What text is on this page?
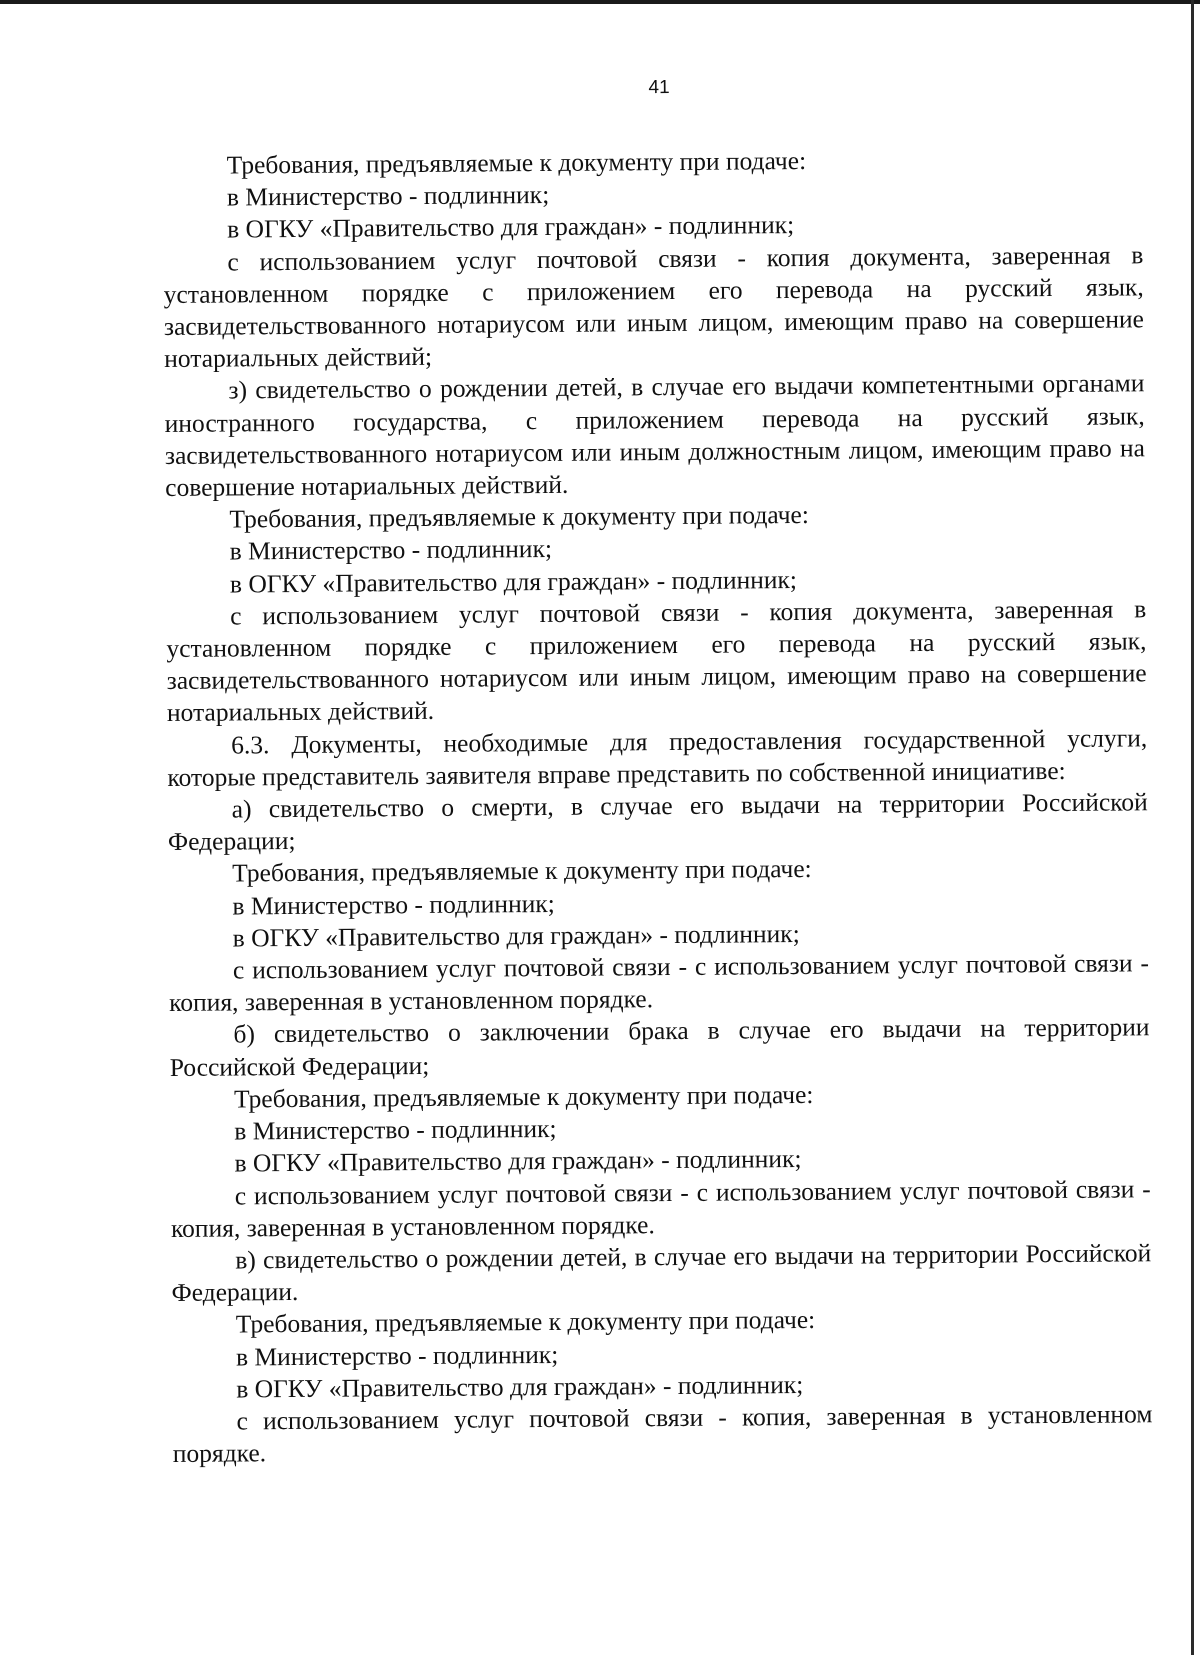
41

Требования, предъявляемые к документу при подаче:

в Министерство - подлинник;

в ОГКУ «Правительство для граждан» - подлинник;

с использованием услуг почтовой связи - копия документа, заверенная в установленном порядке с приложением его перевода на русский язык, засвидетельствованного нотариусом или иным лицом, имеющим право на совершение нотариальных действий;

з) свидетельство о рождении детей, в случае его выдачи компетентными органами иностранного государства, с приложением перевода на русский язык, засвидетельствованного нотариусом или иным должностным лицом, имеющим право на совершение нотариальных действий.

Требования, предъявляемые к документу при подаче:

в Министерство - подлинник;

в ОГКУ «Правительство для граждан» - подлинник;

с использованием услуг почтовой связи - копия документа, заверенная в установленном порядке с приложением его перевода на русский язык, засвидетельствованного нотариусом или иным лицом, имеющим право на совершение нотариальных действий.

6.3. Документы, необходимые для предоставления государственной услуги, которые представитель заявителя вправе представить по собственной инициативе:

а) свидетельство о смерти, в случае его выдачи на территории Российской Федерации;

Требования, предъявляемые к документу при подаче:

в Министерство - подлинник;

в ОГКУ «Правительство для граждан» - подлинник;

с использованием услуг почтовой связи - с использованием услуг почтовой связи - копия, заверенная в установленном порядке.

б) свидетельство о заключении брака в случае его выдачи на территории Российской Федерации;

Требования, предъявляемые к документу при подаче:

в Министерство - подлинник;

в ОГКУ «Правительство для граждан» - подлинник;

с использованием услуг почтовой связи - с использованием услуг почтовой связи - копия, заверенная в установленном порядке.

в) свидетельство о рождении детей, в случае его выдачи на территории Российской Федерации.

Требования, предъявляемые к документу при подаче:

в Министерство - подлинник;

в ОГКУ «Правительство для граждан» - подлинник;

с использованием услуг почтовой связи - копия, заверенная в установленном порядке.
